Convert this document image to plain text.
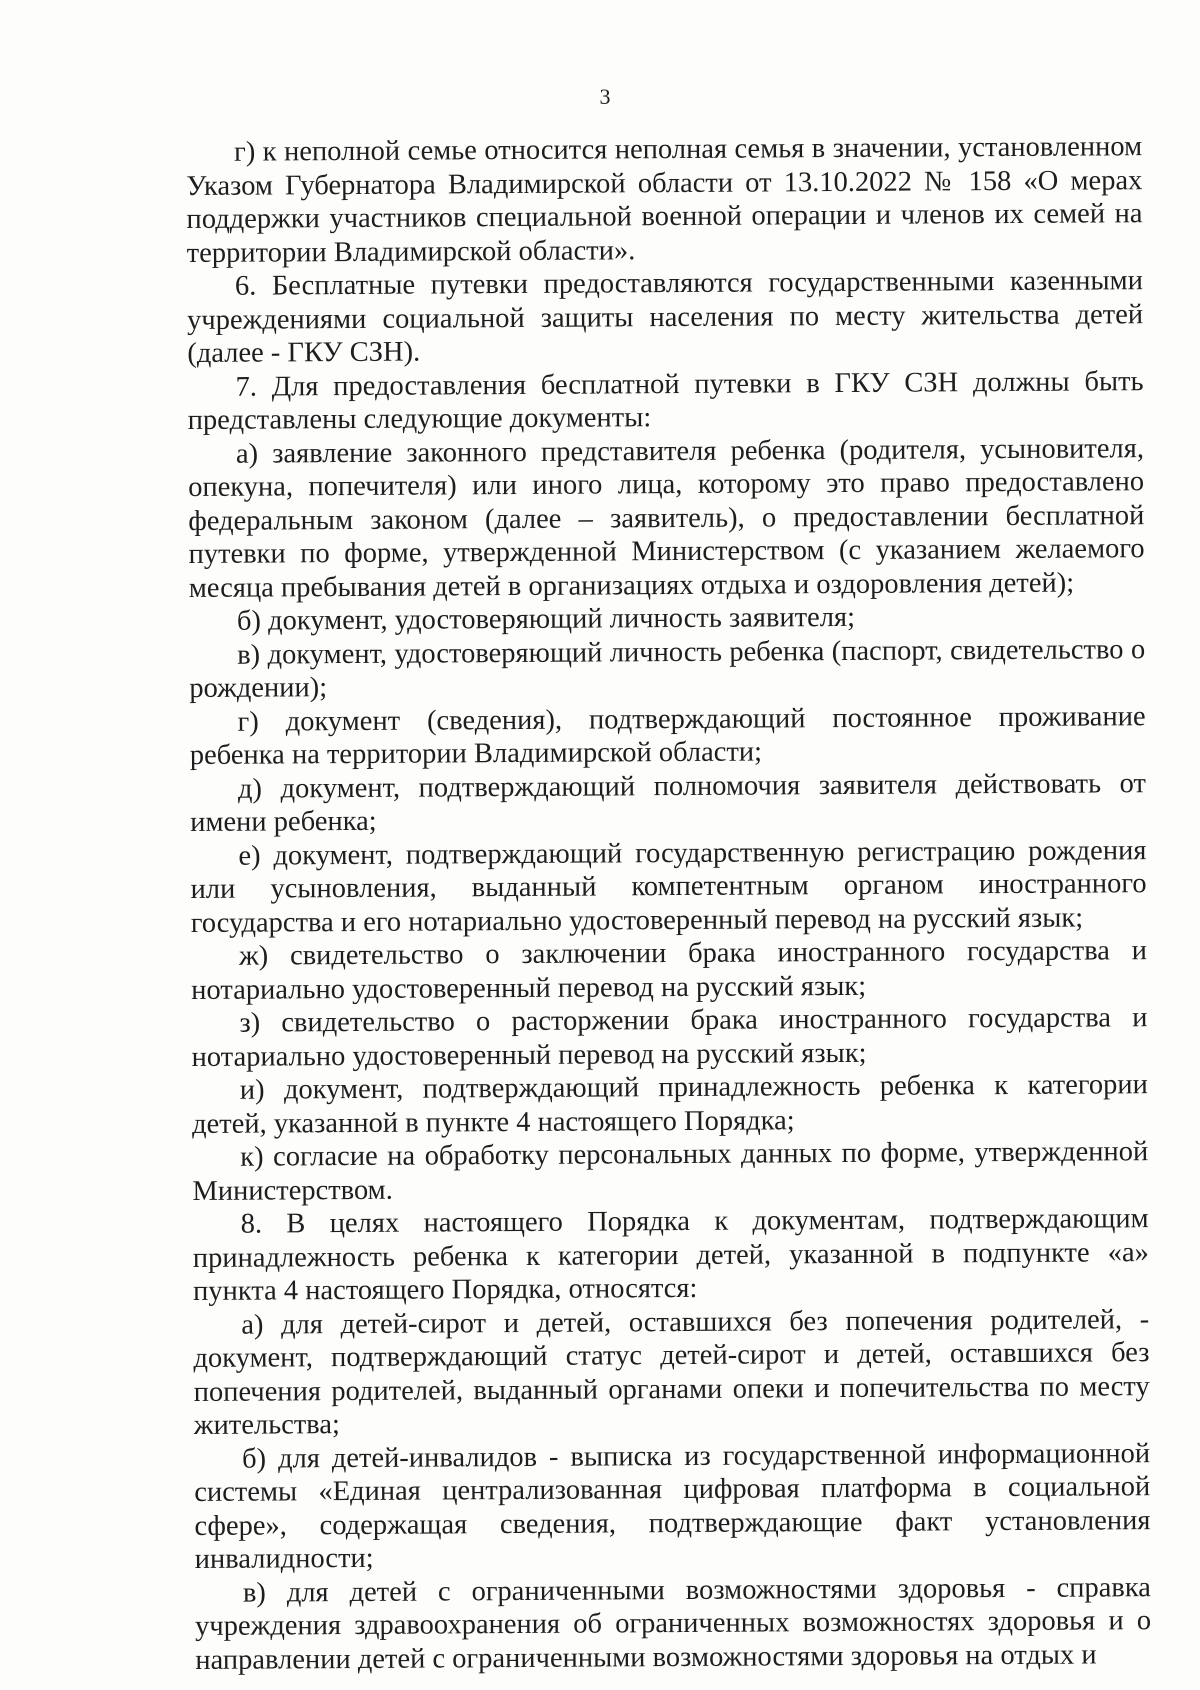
3

г) к неполной семье относится неполная семья в значении, установленном Указом Губернатора Владимирской области от 13.10.2022 № 158 «О мерах поддержки участников специальной военной операции и членов их семей на территории Владимирской области».

6. Бесплатные путевки предоставляются государственными казенными учреждениями социальной защиты населения по месту жительства детей (далее - ГКУ СЗН).

7. Для предоставления бесплатной путевки в ГКУ СЗН должны быть представлены следующие документы:

а) заявление законного представителя ребенка (родителя, усыновителя, опекуна, попечителя) или иного лица, которому это право предоставлено федеральным законом (далее – заявитель), о предоставлении бесплатной путевки по форме, утвержденной Министерством (с указанием желаемого месяца пребывания детей в организациях отдыха и оздоровления детей);

б) документ, удостоверяющий личность заявителя;

в) документ, удостоверяющий личность ребенка (паспорт, свидетельство о рождении);

г) документ (сведения), подтверждающий постоянное проживание ребенка на территории Владимирской области;

д) документ, подтверждающий полномочия заявителя действовать от имени ребенка;

е) документ, подтверждающий государственную регистрацию рождения или усыновления, выданный компетентным органом иностранного государства и его нотариально удостоверенный перевод на русский язык;

ж) свидетельство о заключении брака иностранного государства и нотариально удостоверенный перевод на русский язык;

з) свидетельство о расторжении брака иностранного государства и нотариально удостоверенный перевод на русский язык;

и) документ, подтверждающий принадлежность ребенка к категории детей, указанной в пункте 4 настоящего Порядка;

к) согласие на обработку персональных данных по форме, утвержденной Министерством.

8. В целях настоящего Порядка к документам, подтверждающим принадлежность ребенка к категории детей, указанной в подпункте «а» пункта 4 настоящего Порядка, относятся:

а) для детей-сирот и детей, оставшихся без попечения родителей, - документ, подтверждающий статус детей-сирот и детей, оставшихся без попечения родителей, выданный органами опеки и попечительства по месту жительства;

б) для детей-инвалидов - выписка из государственной информационной системы «Единая централизованная цифровая платформа в социальной сфере», содержащая сведения, подтверждающие факт установления инвалидности;

в) для детей с ограниченными возможностями здоровья - справка учреждения здравоохранения об ограниченных возможностях здоровья и о направлении детей с ограниченными возможностями здоровья на отдых и
